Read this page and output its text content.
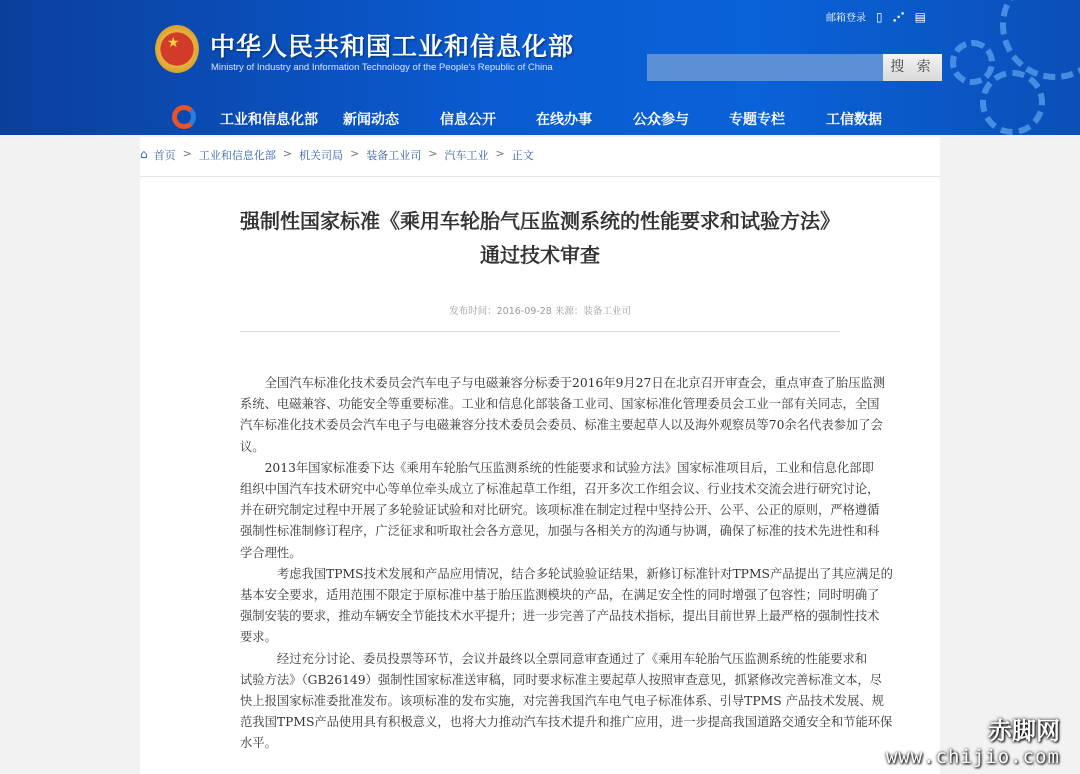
★ 中华人民共和国工业和信息化部
Ministry of Industry and Information Technology of the People's Republic of China
邮箱登录 ▯ ⋰ ▤
搜 索
工业和信息化部 新闻动态	信息公开	在线办事	公众参与	专题专栏	工信数据
⌂ 首页 > 工业和信息化部 > 机关司局 > 装备工业司 > 汽车工业 > 正文
强制性国家标准《乘用车轮胎气压监测系统的性能要求和试验方法》
通过技术审查
发布时间：2016-09-28 来源：装备工业司
　　全国汽车标准化技术委员会汽车电子与电磁兼容分标委于2016年9月27日在北京召开审查会，重点审查了胎压监测
系统、电磁兼容、功能安全等重要标准。工业和信息化部装备工业司、国家标准化管理委员会工业一部有关同志，全国
汽车标准化技术委员会汽车电子与电磁兼容分技术委员会委员、标准主要起草人以及海外观察员等70余名代表参加了会
议。
　　2013年国家标准委下达《乘用车轮胎气压监测系统的性能要求和试验方法》国家标准项目后，工业和信息化部即
组织中国汽车技术研究中心等单位牵头成立了标准起草工作组，召开多次工作组会议、行业技术交流会进行研究讨论，
并在研究制定过程中开展了多轮验证试验和对比研究。该项标准在制定过程中坚持公开、公平、公正的原则，严格遵循
强制性标准制修订程序，广泛征求和听取社会各方意见，加强与各相关方的沟通与协调，确保了标准的技术先进性和科
学合理性。
　　　考虑我国TPMS技术发展和产品应用情况，结合多轮试验验证结果，新修订标准针对TPMS产品提出了其应满足的
基本安全要求，适用范围不限定于原标准中基于胎压监测模块的产品，在满足安全性的同时增强了包容性；同时明确了
强制安装的要求，推动车辆安全节能技术水平提升；进一步完善了产品技术指标，提出目前世界上最严格的强制性技术
要求。
　　　经过充分讨论、委员投票等环节，会议并最终以全票同意审查通过了《乘用车轮胎气压监测系统的性能要求和
试验方法》（GB26149）强制性国家标准送审稿，同时要求标准主要起草人按照审查意见，抓紧修改完善标准文本，尽
快上报国家标准委批准发布。该项标准的发布实施，对完善我国汽车电气电子标准体系、引导TPMS 产品技术发展、规
范我国TPMS产品使用具有积极意义，也将大力推动汽车技术提升和推广应用，进一步提高我国道路交通安全和节能环保
水平。	赤脚网
www.chijio.com
